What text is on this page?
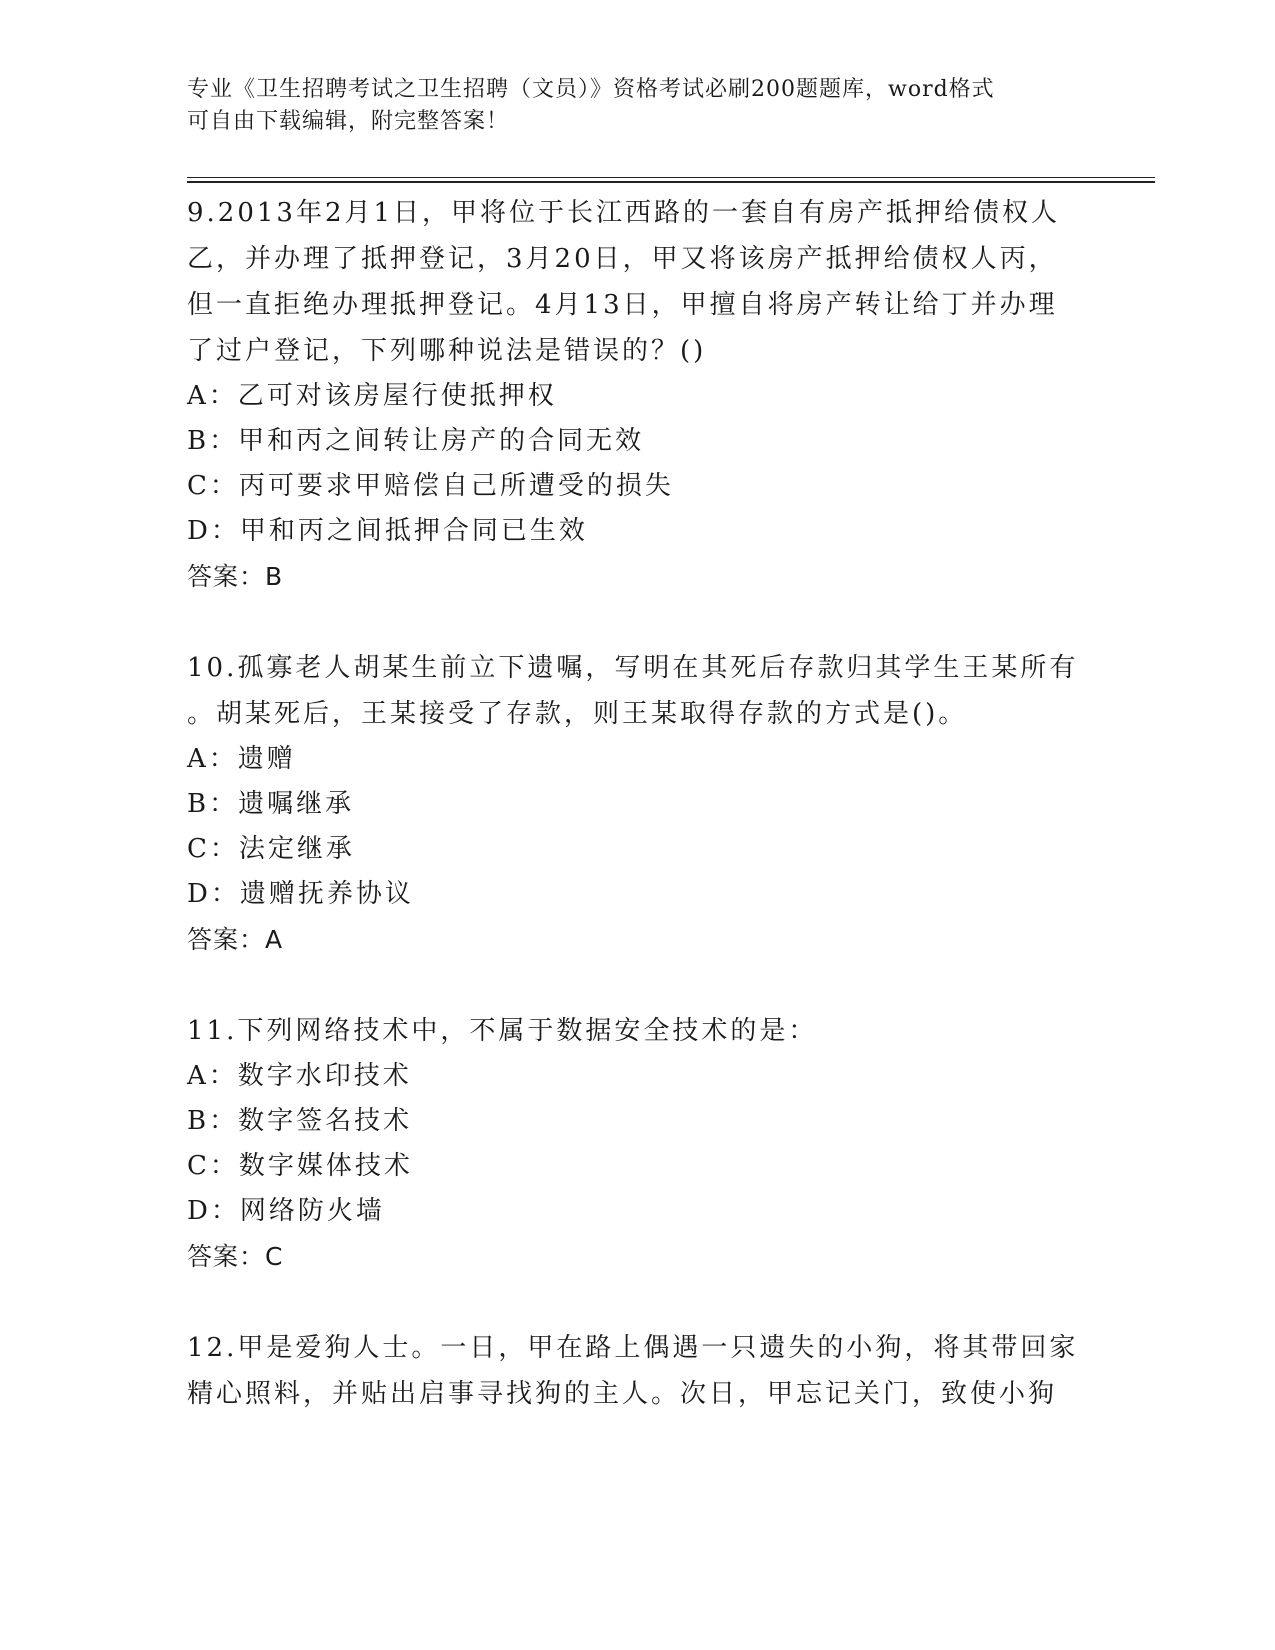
专业《卫生招聘考试之卫生招聘（文员）》资格考试必刷200题题库，word格式

可自由下载编辑，附完整答案！

9.2013年2月1日，甲将位于长江西路的一套自有房产抵押给债权人

乙，并办理了抵押登记，3月20日，甲又将该房产抵押给债权人丙，

但一直拒绝办理抵押登记。4月13日，甲擅自将房产转让给丁并办理

了过户登记，下列哪种说法是错误的？()

A：乙可对该房屋行使抵押权

B：甲和丙之间转让房产的合同无效

C：丙可要求甲赔偿自己所遭受的损失

D：甲和丙之间抵押合同已生效

答案：B

10.孤寡老人胡某生前立下遗嘱，写明在其死后存款归其学生王某所有

。胡某死后，王某接受了存款，则王某取得存款的方式是()。

A：遗赠

B：遗嘱继承

C：法定继承

D：遗赠抚养协议

答案：A

11.下列网络技术中，不属于数据安全技术的是：

A：数字水印技术

B：数字签名技术

C：数字媒体技术

D：网络防火墙

答案：C

12.甲是爱狗人士。一日，甲在路上偶遇一只遗失的小狗，将其带回家

精心照料，并贴出启事寻找狗的主人。次日，甲忘记关门，致使小狗
